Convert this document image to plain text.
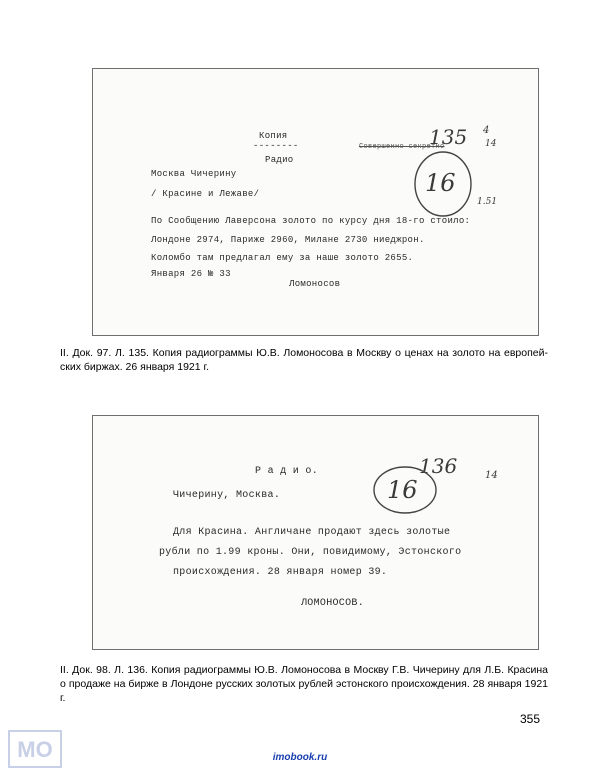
Копия
--------
Радио
Совершенно секретно
135 4
14
1.51
16
Москва Чичерину
/ Красине и Лежаве/
По Сообщению Лаверсона золото по курсу дня 18-го стоило:
Лондоне 2974, Париже 2960, Милане 2730 ниеджрон.
Коломбо там предлагал ему за наше золото 2655.
Января 26 № 33
Ломоносов
II. Док. 97. Л. 135. Копия радиограммы Ю.В. Ломоносова в Москву о ценах на золото на европейских биржах. 26 января 1921 г.
Р а д и о.	136	14
16
Чичерину, Москва.
Для Красина. Англичане продают здесь золотые
рубли по 1.99 кроны. Они, повидимому, Эстонского
происхождения. 28 января номер 39.
ЛОМОНОСОВ.
II. Док. 98. Л. 136. Копия радиограммы Ю.В. Ломоносова в Москву Г.В. Чичерину для Л.Б. Красина о продаже на бирже в Лондоне русских золотых рублей эстонского происхождения. 28 января 1921 г.
355
MO	imobook.ru
